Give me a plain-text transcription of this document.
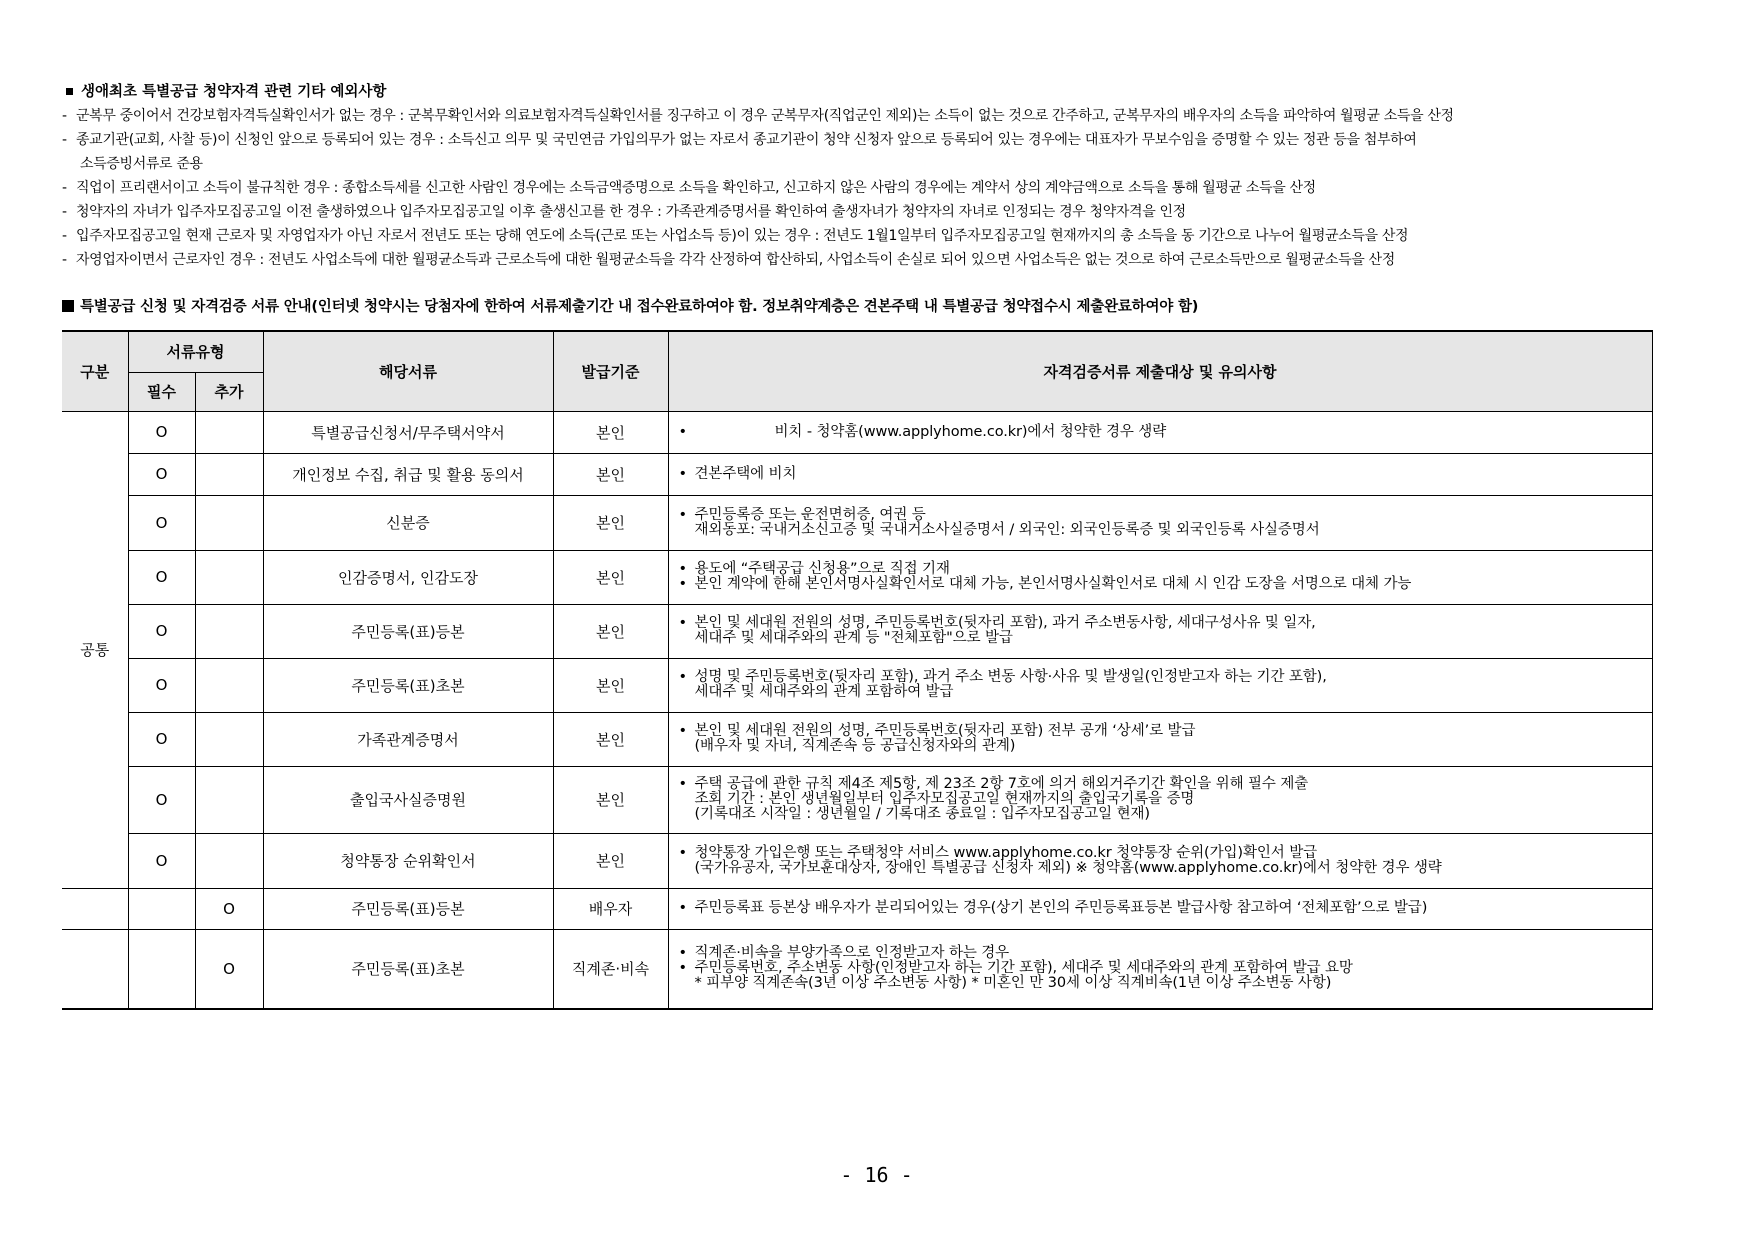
생애최초 특별공급 청약자격 관련 기타 예외사항
- 군복무 중이어서 건강보험자격득실확인서가 없는 경우 : 군복무확인서와 의료보험자격득실확인서를 징구하고 이 경우 군복무자(직업군인 제외)는 소득이 없는 것으로 간주하고, 군복무자의 배우자의 소득을 파악하여 월평균 소득을 산정
- 종교기관(교회, 사찰 등)이 신청인 앞으로 등록되어 있는 경우 : 소득신고 의무 및 국민연금 가입의무가 없는 자로서 종교기관이 청약 신청자 앞으로 등록되어 있는 경우에는 대표자가 무보수임을 증명할 수 있는 정관 등을 첨부하여
소득증빙서류로 준용
- 직업이 프리랜서이고 소득이 불규칙한 경우 : 종합소득세를 신고한 사람인 경우에는 소득금액증명으로 소득을 확인하고, 신고하지 않은 사람의 경우에는 계약서 상의 계약금액으로 소득을 통해 월평균 소득을 산정
- 청약자의 자녀가 입주자모집공고일 이전 출생하였으나 입주자모집공고일 이후 출생신고를 한 경우 : 가족관계증명서를 확인하여 출생자녀가 청약자의 자녀로 인정되는 경우 청약자격을 인정
- 입주자모집공고일 현재 근로자 및 자영업자가 아닌 자로서 전년도 또는 당해 연도에 소득(근로 또는 사업소득 등)이 있는 경우 : 전년도 1월1일부터 입주자모집공고일 현재까지의 총 소득을 동 기간으로 나누어 월평균소득을 산정
- 자영업자이면서 근로자인 경우 : 전년도 사업소득에 대한 월평균소득과 근로소득에 대한 월평균소득을 각각 산정하여 합산하되, 사업소득이 손실로 되어 있으면 사업소득은 없는 것으로 하여 근로소득만으로 월평균소득을 산정
특별공급 신청 및 자격검증 서류 안내(인터넷 청약시는 당첨자에 한하여 서류제출기간 내 접수완료하여야 함. 정보취약계층은 견본주택 내 특별공급 청약접수시 제출완료하여야 함)
구분	서류유형		해당서류	발급기준	자격검증서류 제출대상 및 유의사항
	필수	추가			
공통	O		특별공급신청서/무주택서약서	본인	• 비치 - 청약홈(www.applyhome.co.kr)에서 청약한 경우 생략

	O		개인정보 수집, 취급 및 활용 동의서	본인	• 견본주택에 비치

	O		신분증	본인	• 주민등록증 또는 운전면허증, 여권 등
재외동포: 국내거소신고증 및 국내거소사실증명서 / 외국인: 외국인등록증 및 외국인등록 사실증명서

	O		인감증명서, 인감도장	본인	• 용도에 “주택공급 신청용”으로 직접 기재
• 본인 계약에 한해 본인서명사실확인서로 대체 가능, 본인서명사실확인서로 대체 시 인감 도장을 서명으로 대체 가능

	O		주민등록(표)등본	본인	• 본인 및 세대원 전원의 성명, 주민등록번호(뒷자리 포함), 과거 주소변동사항, 세대구성사유 및 일자,
세대주 및 세대주와의 관계 등 "전체포함"으로 발급

	O		주민등록(표)초본	본인	• 성명 및 주민등록번호(뒷자리 포함), 과거 주소 변동 사항·사유 및 발생일(인정받고자 하는 기간 포함),
세대주 및 세대주와의 관계 포함하여 발급

	O		가족관계증명서	본인	• 본인 및 세대원 전원의 성명, 주민등록번호(뒷자리 포함) 전부 공개 ‘상세’로 발급
(배우자 및 자녀, 직계존속 등 공급신청자와의 관계)

	O		출입국사실증명원	본인	• 주택 공급에 관한 규칙 제4조 제5항, 제 23조 2항 7호에 의거 해외거주기간 확인을 위해 필수 제출
조회 기간 : 본인 생년월일부터 입주자모집공고일 현재까지의 출입국기록을 증명
(기록대조 시작일 : 생년월일 / 기록대조 종료일 : 입주자모집공고일 현재)

	O		청약통장 순위확인서	본인	• 청약통장 가입은행 또는 주택청약 서비스 www.applyhome.co.kr 청약통장 순위(가입)확인서 발급
(국가유공자, 국가보훈대상자, 장애인 특별공급 신청자 제외) ※ 청약홈(www.applyhome.co.kr)에서 청약한 경우 생략

		O	주민등록(표)등본	배우자	• 주민등록표 등본상 배우자가 분리되어있는 경우(상기 본인의 주민등록표등본 발급사항 참고하여 ‘전체포함’으로 발급)

		O	주민등록(표)초본	직계존·비속	• 직계존·비속을 부양가족으로 인정받고자 하는 경우
• 주민등록번호, 주소변동 사항(인정받고자 하는 기간 포함), 세대주 및 세대주와의 관계 포함하여 발급 요망
* 피부양 직계존속(3년 이상 주소변동 사항) * 미혼인 만 30세 이상 직계비속(1년 이상 주소변동 사항)
- 16 -
